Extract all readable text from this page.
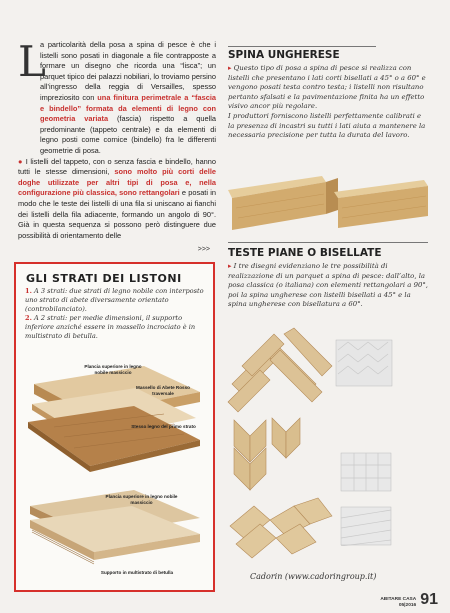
L

a particolarità della posa a spina di pesce è che i listelli sono posati in diagonale a file contrapposte a formare un disegno che ricorda una “lisca”; un parquet tipico dei palazzi nobiliari, lo troviamo persino all’ingresso della reggia di Versailles, spesso impreziosito con una finitura perimetrale a “fascia e bindello” formata da elementi di legno con geometria variata (fascia) rispetto a quella predominante (tappeto centrale) e da elementi di legno posti come cornice (bindello) fra le differenti geometrie di posa.

● I listelli del tappeto, con o senza fascia e bindello, hanno tutti le stesse dimensioni, sono molto più corti delle doghe utilizzate per altri tipi di posa e, nella configurazione più classica, sono rettangolari e posati in modo che le teste dei listelli di una fila si uniscano ai fianchi dei listelli della fila adiacente, formando un angolo di 90°. Già in questa sequenza si possono però distinguere due possibilità di orientamento delle

>>>
GLI STRATI DEI LISTONI
1. A 3 strati: due strati di legno nobile con interposto uno strato di abete diversamente orientato (controbilanciato).
2. A 2 strati: per medie dimensioni, il supporto inferiore anziché essere in massello incrociato è in multistrato di betulla.
Plancia superiore in legno nobile massiccio
Massello di Abete Rosso traversale
Stesso legno del primo strato
Plancia superiore in legno nobile massiccio
Supporto in multistrato di betulla
SPINA UNGHERESE
▸ Questo tipo di posa a spina di pesce si realizza con listelli che presentano i lati corti bisellati a 45° o a 60° e vengono posati testa contro testa; i listelli non risultano pertanto sfalsati e la pavimentazione finita ha un effetto visivo ancor più regolare.
I produttori forniscono listelli perfettamente calibrati e la presenza di incastri su tutti i lati aiuta a mantenere la necessaria precisione per tutta la durata del lavoro.
TESTE PIANE O BISELLATE
▸ I tre disegni evidenziano le tre possibilità di realizzazione di un parquet a spina di pesce: dall’alto, la posa classica (o italiana) con elementi rettangolari a 90°, poi la spina ungherese con listelli bisellati a 45° e la spina ungherese con bisellatura a 60°.
Cadorin (www.cadoringroup.it)
ABITARE CASA
05|2016 91
